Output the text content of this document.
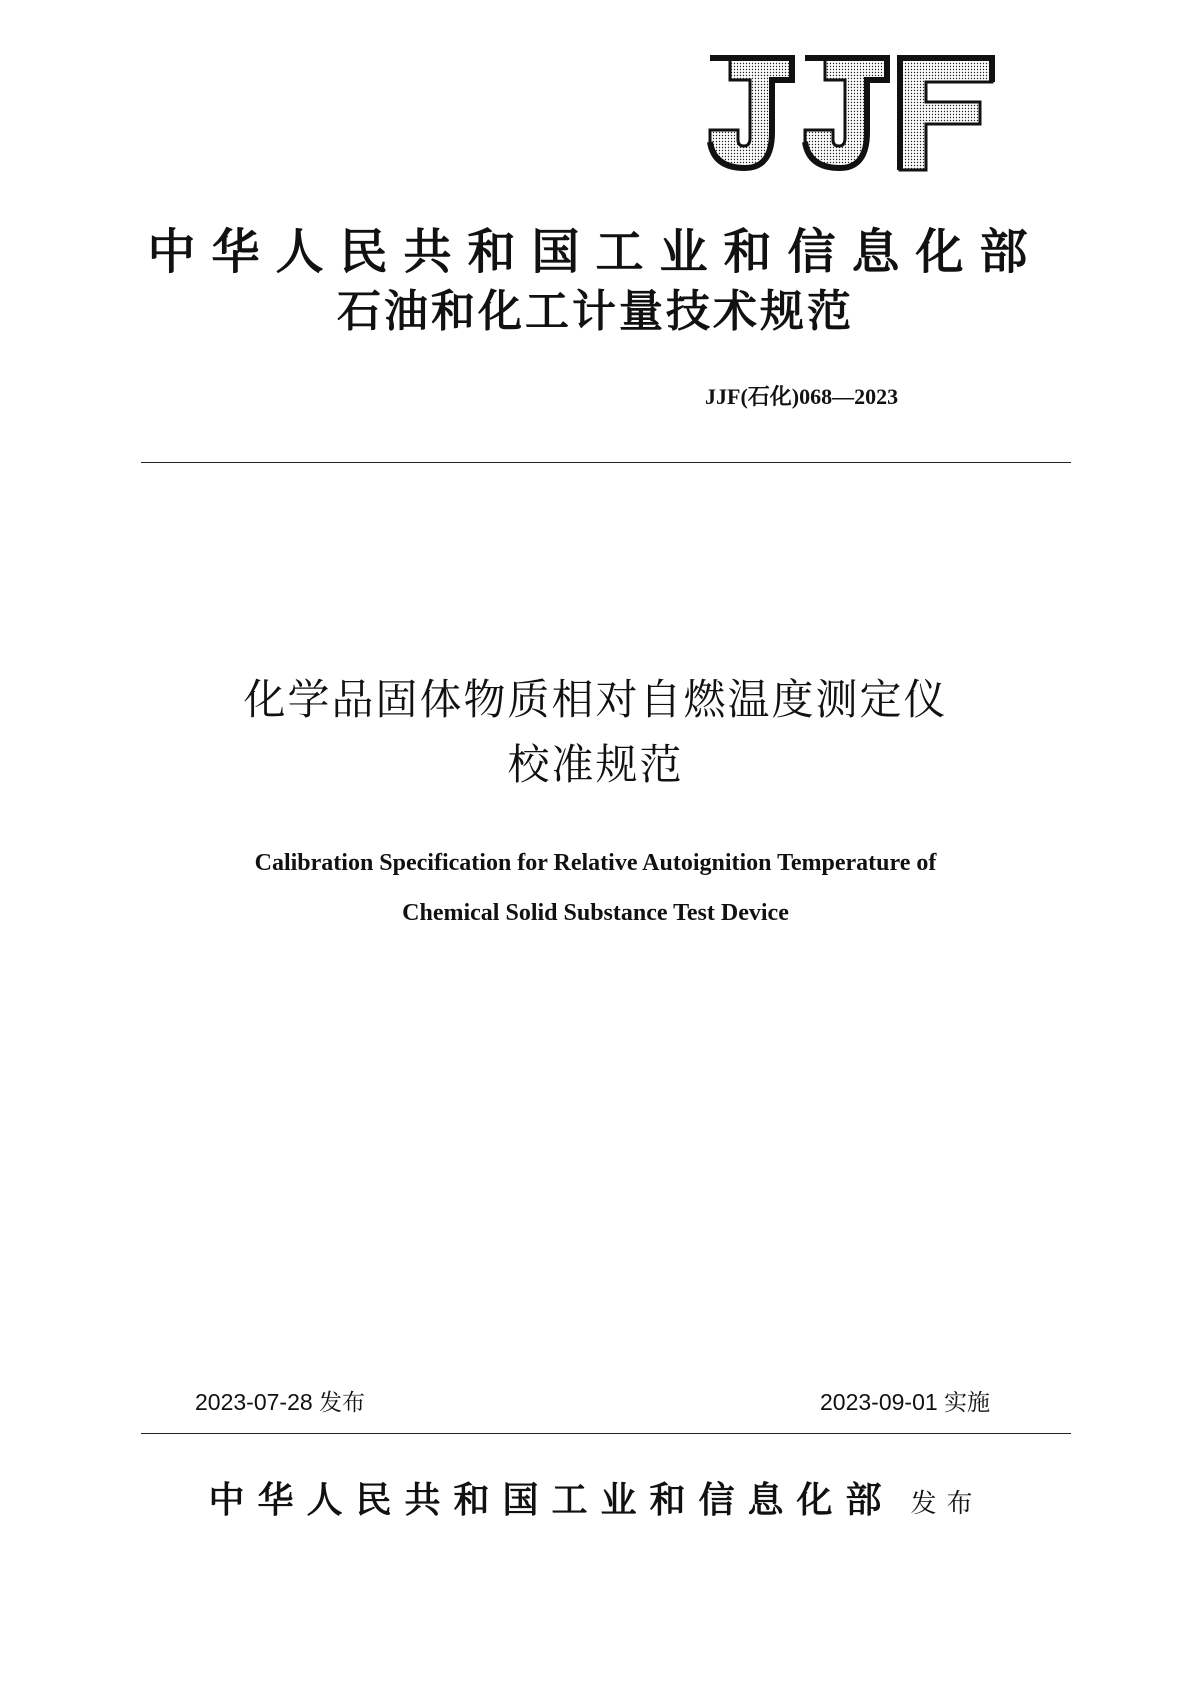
中华人民共和国工业和信息化部
石油和化工计量技术规范
JJF(石化)068—2023
化学品固体物质相对自燃温度测定仪
校准规范
Calibration Specification for Relative Autoignition Temperature of
Chemical Solid Substance Test Device
2023-07-28 发布	2023-09-01 实施
中华人民共和国工业和信息化部 发布
